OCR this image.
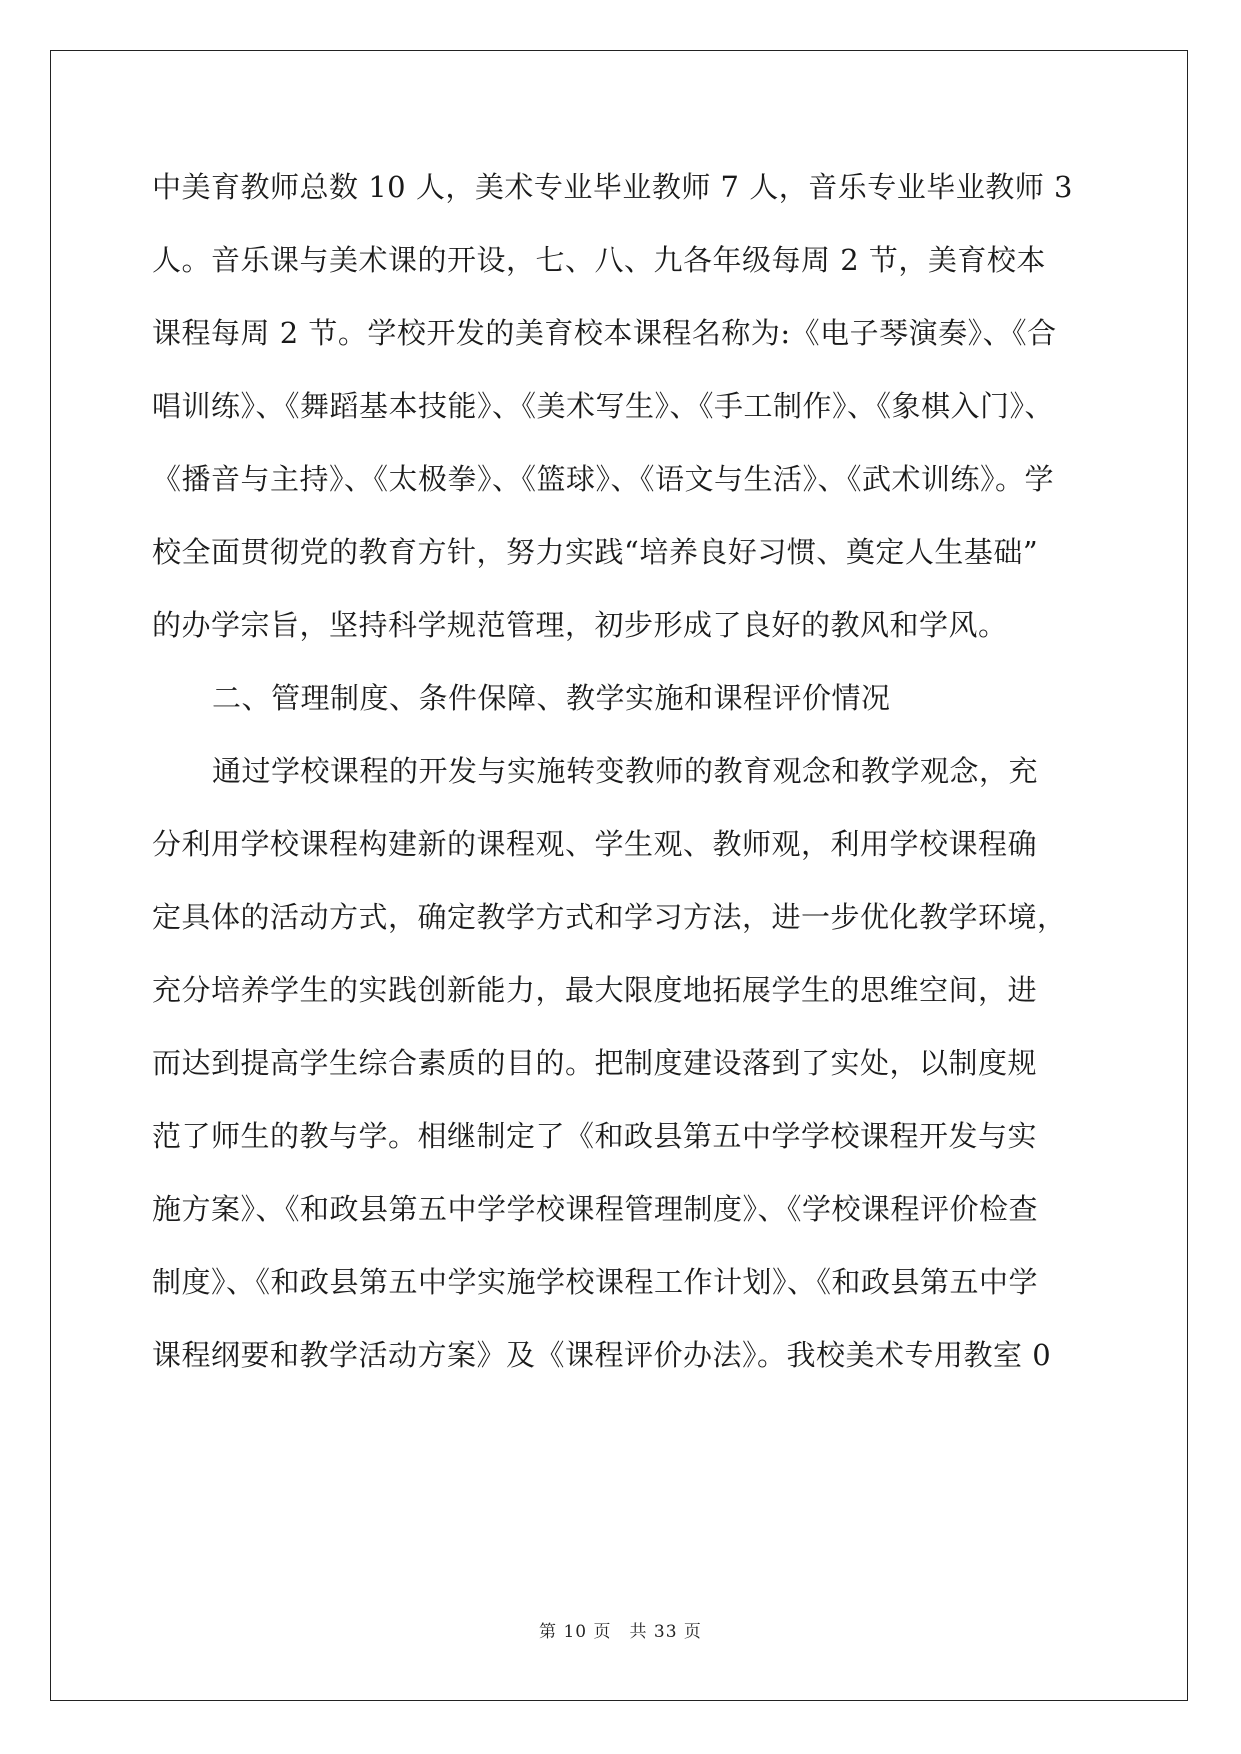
中美育教师总数 10 人，美术专业毕业教师 7 人，音乐专业毕业教师 3
人。音乐课与美术课的开设，七、八、九各年级每周 2 节，美育校本
课程每周 2 节。学校开发的美育校本课程名称为:《电子琴演奏》、《合
唱训练》、《舞蹈基本技能》、《美术写生》、《手工制作》、《象棋入门》、
《播音与主持》、《太极拳》、《篮球》、《语文与生活》、《武术训练》。学
校全面贯彻党的教育方针，努力实践“培养良好习惯、奠定人生基础”
的办学宗旨，坚持科学规范管理，初步形成了良好的教风和学风。
二、管理制度、条件保障、教学实施和课程评价情况
通过学校课程的开发与实施转变教师的教育观念和教学观念，充
分利用学校课程构建新的课程观、学生观、教师观，利用学校课程确
定具体的活动方式，确定教学方式和学习方法，进一步优化教学环境，
充分培养学生的实践创新能力，最大限度地拓展学生的思维空间，进
而达到提高学生综合素质的目的。把制度建设落到了实处，以制度规
范了师生的教与学。相继制定了《和政县第五中学学校课程开发与实
施方案》、《和政县第五中学学校课程管理制度》、《学校课程评价检查
制度》、《和政县第五中学实施学校课程工作计划》、《和政县第五中学
课程纲要和教学活动方案》及《课程评价办法》。我校美术专用教室 0
第 10 页　共 33 页
